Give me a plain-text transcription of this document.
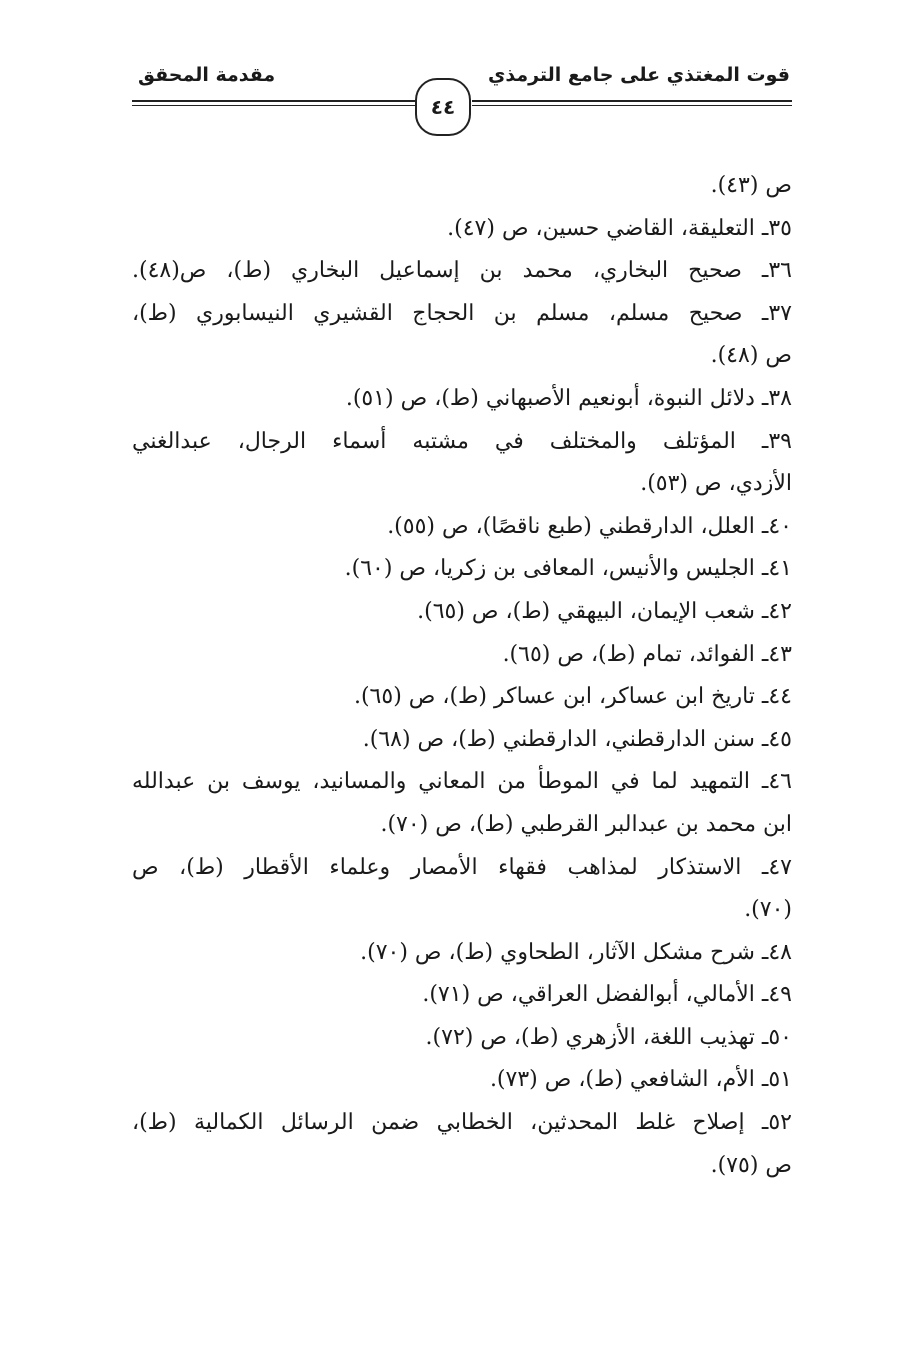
قوت المغتذي على جامع الترمذي
مقدمة المحقق
٤٤
ص (٤٣).
٣٥ـ التعليقة، القاضي حسين، ص (٤٧).
٣٦ـ صحيح البخاري، محمد بن إسماعيل البخاري (ط)، ص(٤٨).
٣٧ـ صحيح مسلم، مسلم بن الحجاج القشيري النيسابوري (ط)،
ص (٤٨).
٣٨ـ دلائل النبوة، أبونعيم الأصبهاني (ط)، ص (٥١).
٣٩ـ المؤتلف والمختلف في مشتبه أسماء الرجال، عبدالغني
الأزدي، ص (٥٣).
٤٠ـ العلل، الدارقطني (طبع ناقصًا)، ص (٥٥).
٤١ـ الجليس والأنيس، المعافى بن زكريا، ص (٦٠).
٤٢ـ شعب الإيمان، البيهقي (ط)، ص (٦٥).
٤٣ـ الفوائد، تمام (ط)، ص (٦٥).
٤٤ـ تاريخ ابن عساكر، ابن عساكر (ط)، ص (٦٥).
٤٥ـ سنن الدارقطني، الدارقطني (ط)، ص (٦٨).
٤٦ـ التمهيد لما في الموطأ من المعاني والمسانيد، يوسف بن عبدالله
ابن محمد بن عبدالبر القرطبي (ط)، ص (٧٠).
٤٧ـ الاستذكار لمذاهب فقهاء الأمصار وعلماء الأقطار (ط)، ص
(٧٠).
٤٨ـ شرح مشكل الآثار، الطحاوي (ط)، ص (٧٠).
٤٩ـ الأمالي، أبوالفضل العراقي، ص (٧١).
٥٠ـ تهذيب اللغة، الأزهري (ط)، ص (٧٢).
٥١ـ الأم، الشافعي (ط)، ص (٧٣).
٥٢ـ إصلاح غلط المحدثين، الخطابي ضمن الرسائل الكمالية (ط)،
ص (٧٥).
